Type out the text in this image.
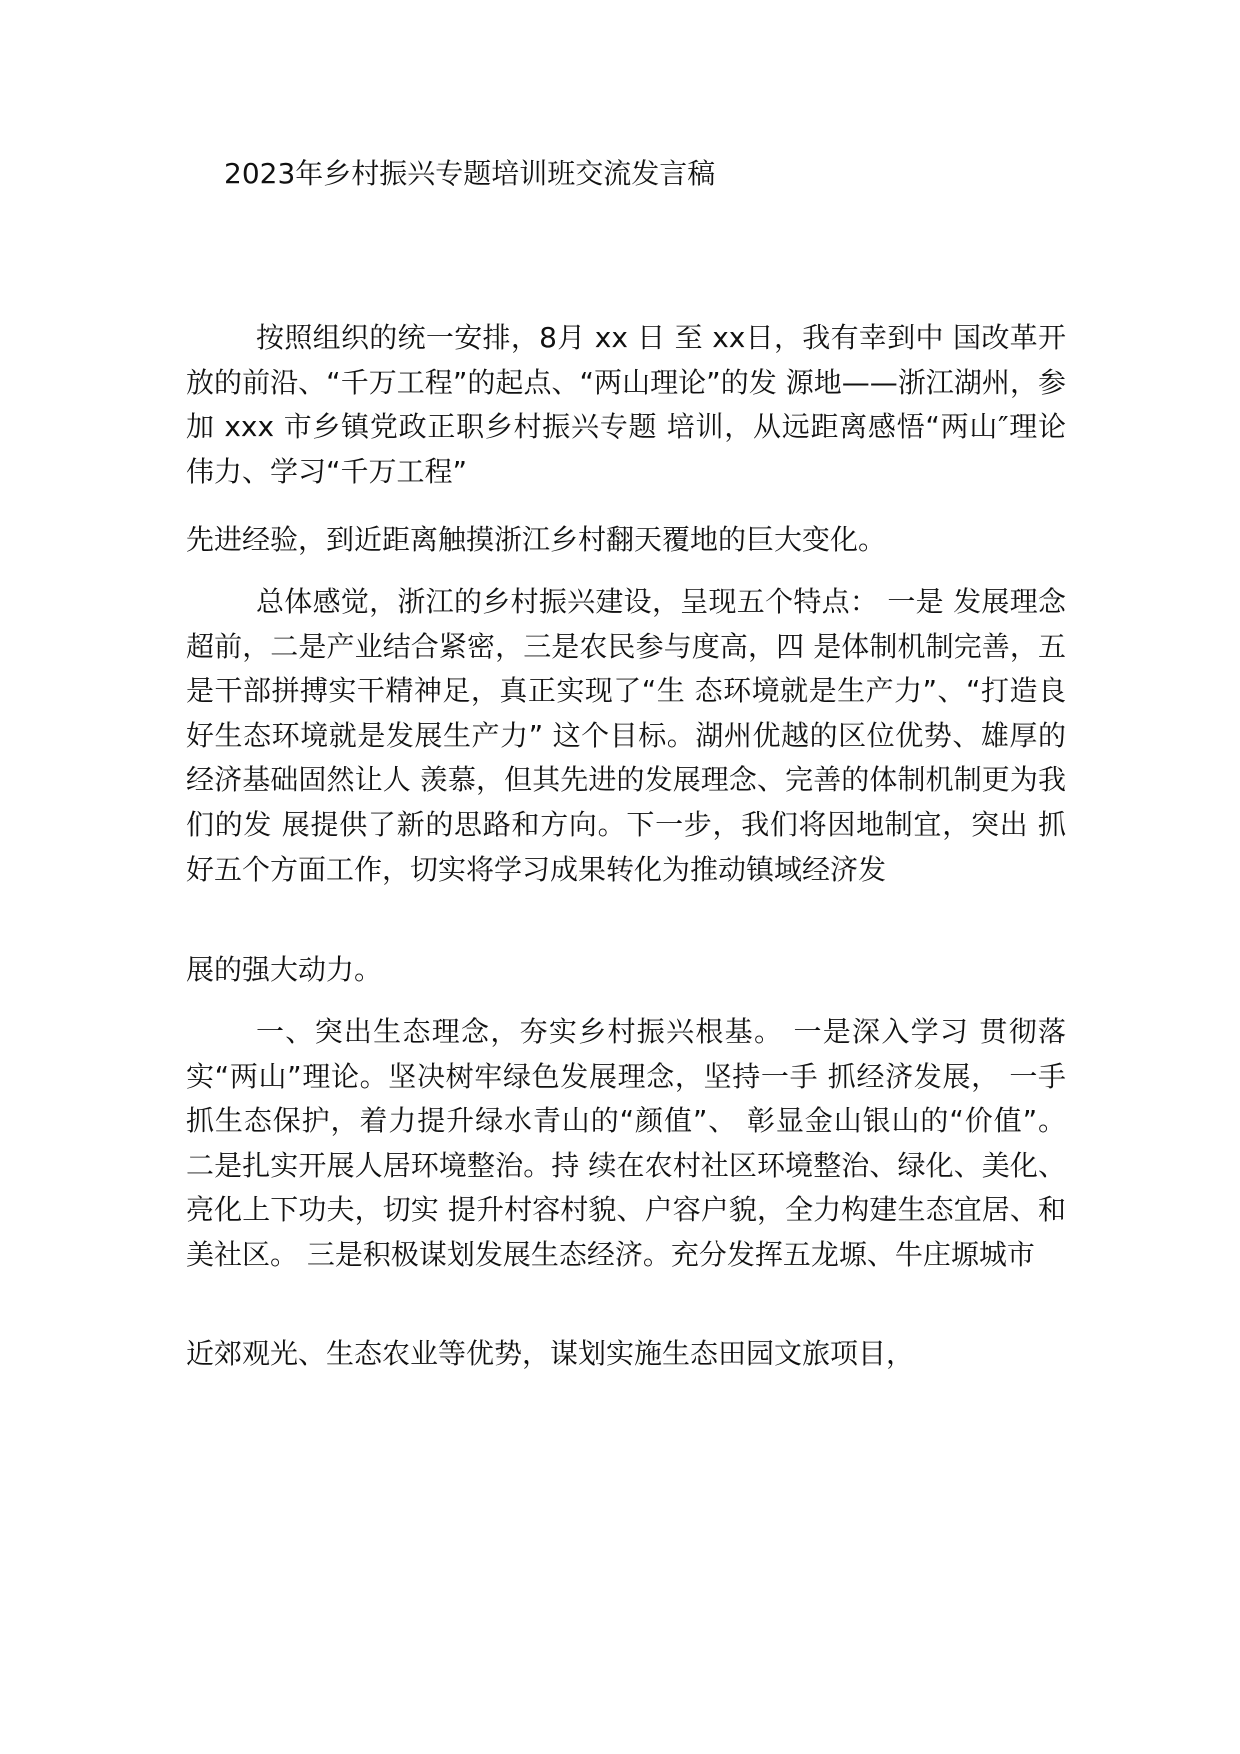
2023年乡村振兴专题培训班交流发言稿

按照组织的统一安排，8月 xx 日 至 xx日，我有幸到中 国改革开放的前沿、“千万工程”的起点、“两山理论”的发 源地——浙江湖州，参加 xxx 市乡镇党政正职乡村振兴专题 培训，从远距离感悟“两山″理论伟力、学习“千万工程”

先进经验，到近距离触摸浙江乡村翻天覆地的巨大变化。

总体感觉，浙江的乡村振兴建设，呈现五个特点： 一是 发展理念超前，二是产业结合紧密，三是农民参与度高，四 是体制机制完善，五是干部拼搏实干精神足，真正实现了“生 态环境就是生产力”、“打造良好生态环境就是发展生产力” 这个目标。湖州优越的区位优势、雄厚的经济基础固然让人 羡慕，但其先进的发展理念、完善的体制机制更为我们的发 展提供了新的思路和方向。下一步，我们将因地制宜，突出 抓好五个方面工作，切实将学习成果转化为推动镇域经济发

展的强大动力。

一、突出生态理念，夯实乡村振兴根基。 一是深入学习 贯彻落实“两山”理论。坚决树牢绿色发展理念，坚持一手 抓经济发展， 一手抓生态保护，着力提升绿水青山的“颜值”、 彰显金山银山的“价值”。 二是扎实开展人居环境整治。持 续在农村社区环境整治、绿化、美化、亮化上下功夫，切实 提升村容村貌、户容户貌，全力构建生态宜居、和美社区。 三是积极谋划发展生态经济。充分发挥五龙塬、牛庄塬城市

近郊观光、生态农业等优势，谋划实施生态田园文旅项目，
